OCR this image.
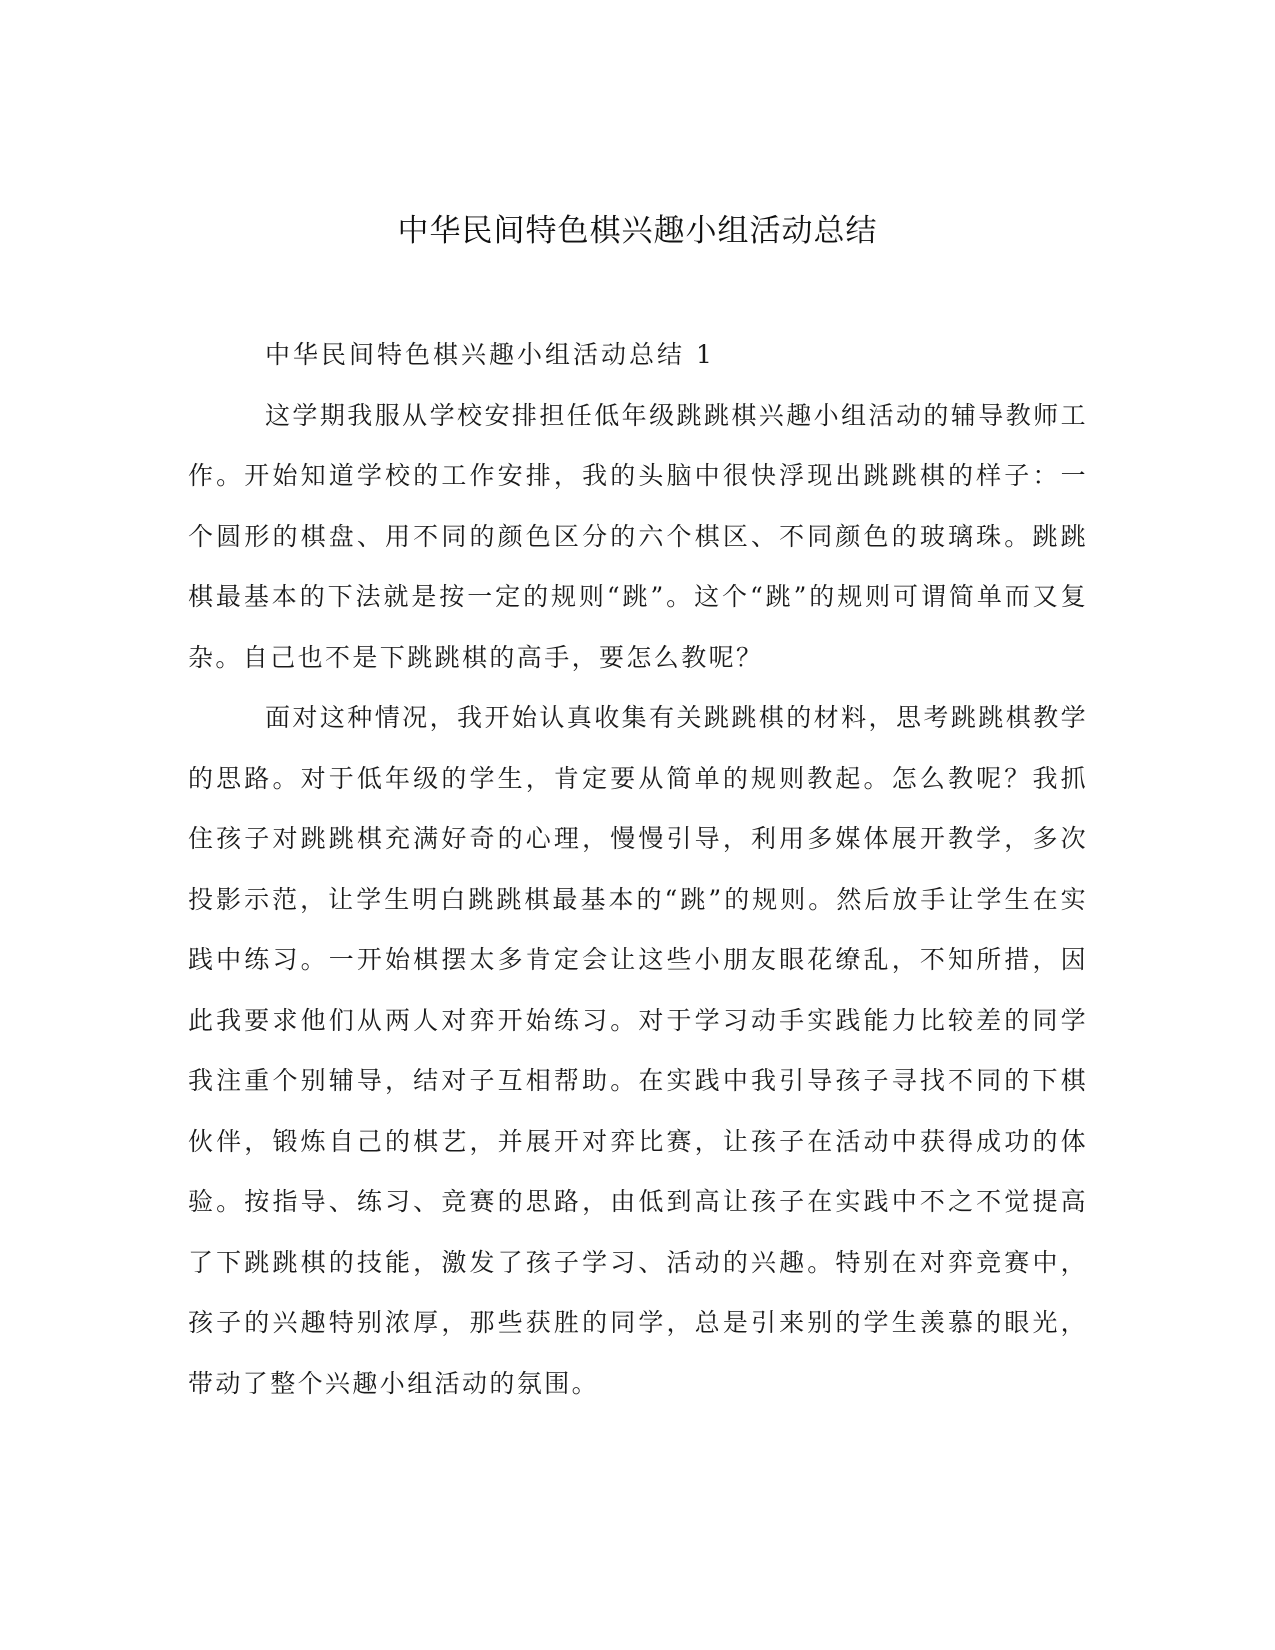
中华民间特色棋兴趣小组活动总结

中华民间特色棋兴趣小组活动总结 1

这学期我服从学校安排担任低年级跳跳棋兴趣小组活动的辅导教师工作。开始知道学校的工作安排，我的头脑中很快浮现出跳跳棋的样子：一个圆形的棋盘、用不同的颜色区分的六个棋区、不同颜色的玻璃珠。跳跳棋最基本的下法就是按一定的规则“跳”。这个“跳”的规则可谓简单而又复杂。自己也不是下跳跳棋的高手，要怎么教呢？

面对这种情况，我开始认真收集有关跳跳棋的材料，思考跳跳棋教学的思路。对于低年级的学生，肯定要从简单的规则教起。怎么教呢？我抓住孩子对跳跳棋充满好奇的心理，慢慢引导，利用多媒体展开教学，多次投影示范，让学生明白跳跳棋最基本的“跳”的规则。然后放手让学生在实践中练习。一开始棋摆太多肯定会让这些小朋友眼花缭乱，不知所措，因此我要求他们从两人对弈开始练习。对于学习动手实践能力比较差的同学我注重个别辅导，结对子互相帮助。在实践中我引导孩子寻找不同的下棋伙伴，锻炼自己的棋艺，并展开对弈比赛，让孩子在活动中获得成功的体验。按指导、练习、竞赛的思路，由低到高让孩子在实践中不之不觉提高了下跳跳棋的技能，激发了孩子学习、活动的兴趣。特别在对弈竞赛中，孩子的兴趣特别浓厚，那些获胜的同学，总是引来别的学生羡慕的眼光，带动了整个兴趣小组活动的氛围。
